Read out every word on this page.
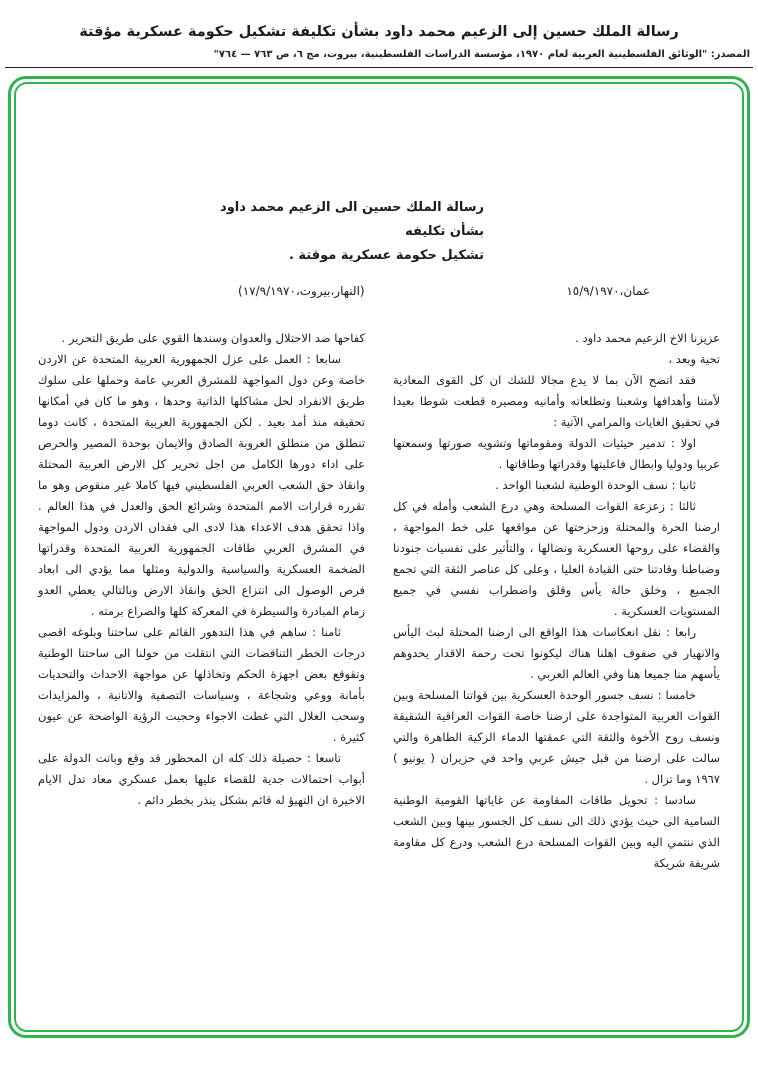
رسالة الملك حسين إلى الزعيم محمد داود بشأن تكليفة تشكيل حكومة عسكرية مؤقتة
المصدر: "الوثائق الفلسطينية العربية لعام ١٩٧٠، مؤسسة الدراسات الفلسطينية، بيروت، مج ٦، ص ٧٦٣ — ٧٦٤"
رسالة الملك حسين الى الزعيم محمد داود بشأن تكليفه
تشكيل حكومة عسكرية موقتة .
عمان،١٥/٩/١٩٧٠
(النهار،بيروت،١٧/٩/١٩٧٠)

عزيزنا الاخ الزعيم محمد داود .

تحية وبعد ،

فقد اتضح الآن بما لا يدع مجالا للشك ان كل القوى المعادية لأمتنا وأهدافها وشعبنا وتطلعاته وأمانيه ومصيره قطعت شوطا بعيدا في تحقيق الغايات والمرامي الآتية :

اولا : تدمير حيثيات الدولة ومقوماتها وتشويه صورتها وسمعتها عربيا ودوليا وابطال فاعليتها وقدراتها وطاقاتها .

ثانيا : نسف الوحدة الوطنية لشعبنا الواحد .

ثالثا : زعزعة القوات المسلحة وهي درع الشعب وأمله في كل ارضنا الحرة والمحتلة وزحزحتها عن مواقعها على خط المواجهة ، والقضاء على روحها العسكرية ونضالها ، والتأثير على نفسيات جنودنا وضباطنا وقادتنا حتى القيادة العليا ، وعلى كل عناصر الثقة التي تجمع الجميع ، وخلق حالة يأس وقلق واضطراب نفسي في جميع المستويات العسكرية .

رابعا : نقل انعكاسات هذا الواقع الى ارضنا المحتلة لبث اليأس والانهيار في صفوف اهلنا هناك ليكونوا تحت رحمة الاقدار يحدوهم يأسهم منا جميعا هنا وفي العالم العربي .

خامسا : نسف جسور الوحدة العسكرية بين قواتنا المسلحة وبين القوات العربية المتواجدة على ارضنا خاصة القوات العراقية الشقيقة ونسف روح الأخوة والثقة التي عمقتها الدماء الزكية الطاهرة والتي سالت على ارضنا من قبل جيش عربي واحد في حزيران ( يونيو ) ١٩٦٧ وما تزال .

سادسا : تحويل طاقات المقاومة عن غاياتها القومية الوطنية السامية الى حيث يؤدي ذلك الى نسف كل الجسور بينها وبين الشعب الذي ننتمي اليه وبين القوات المسلحة درع الشعب ودرع كل مقاومة شريفة شريكة

كفاحها ضد الاحتلال والعدوان وسندها القوي على طريق التحرير .

سابعا : العمل على عزل الجمهورية العربية المتحدة عن الاردن خاصة وعن دول المواجهة للمشرق العربي عامة وحملها على سلوك طريق الانفراد لحل مشاكلها الذاتية وحدها ، وهو ما كان في أمكانها تحقيقه منذ أمد بعيد . لكن الجمهورية العربية المتحدة ، كانت دوما تنطلق من منطلق العروبة الصادق والايمان بوحدة المصير والحرص على اداء دورها الكامل من اجل تحرير كل الارض العربية المحتلة وانقاذ حق الشعب العربي الفلسطيني فيها كاملا غير منقوص وهو ما تقرره قرارات الامم المتحدة وشرائع الحق والعدل في هذا العالم . واذا تحقق هدف الاعداء هذا لادى الى فقدان الاردن ودول المواجهة في المشرق العربي طاقات الجمهورية العربية المتحدة وقدراتها الضخمة العسكرية والسياسية والدولية ومثلها مما يؤدي الى ابعاد فرص الوصول الى انتزاع الحق وانقاذ الارض وبالتالي يعطي العدو زمام المبادرة والسيطرة في المعركة كلها والصراع برمته .

ثامنا : ساهم في هذا التدهور القائم على ساحتنا وبلوغه اقصى درجات الخطر التناقضات التي انتقلت من حولنا الى ساحتنا الوطنية وتقوقع بعض اجهزة الحكم وتخاذلها عن مواجهة الاحداث والتحديات بأمانة ووعي وشجاعة ، وسياسات التصفية والاتانية ، والمزايدات وسحب الغلال التي غطت الاجواء وحجبت الرؤية الواضحة عن عيون كثيرة .

تاسعا : حصيلة ذلك كله ان المحظور قد وقع وباتت الدولة على أبواب احتمالات جدية للقضاء عليها بعمل عسكري معاد تدل الايام الاخيرة ان التهيؤ له قائم بشكل ينذر بخطر دائم .
